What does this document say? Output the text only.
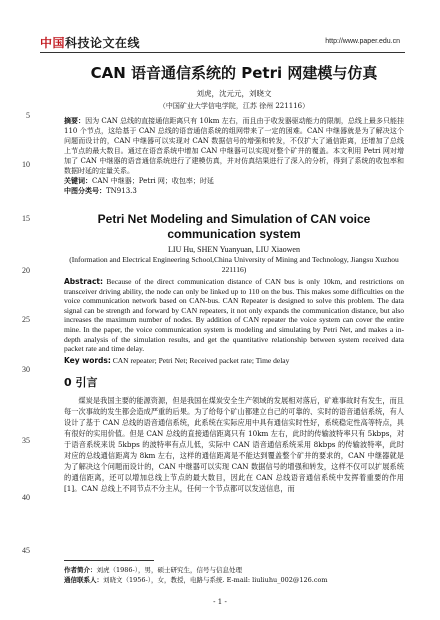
中国科技论文在线	http://www.paper.edu.cn
5
10
15
20
25
30
35
40
45
CAN 语音通信系统的 Petri 网建模与仿真
刘虎，沈元元，刘晓文
（中国矿业大学信电学院，江苏 徐州 221116）
摘要：因为 CAN 总线的直接通信距离只有 10km 左右，而且由于收发器驱动能力的限制，总线上最多只能挂 110 个节点，这给基于 CAN 总线的语音通信系统的组网带来了一定的困难。CAN 中继器就是为了解决这个问题而设计的，CAN 中继器可以实现对 CAN 数据信号的增强和转发，不仅扩大了通信距离，还增加了总线上节点的最大数目。通过在语音系统中增加 CAN 中继器可以实现对整个矿井的覆盖。本文利用 Petri 网对增加了 CAN 中继器的语音通信系统进行了建模仿真，并对仿真结果进行了深入的分析，得到了系统的收包率和数据时延的定量关系。
关键词：CAN 中继器；Petri 网；收包率；时延
中图分类号：TN913.3
Petri Net Modeling and Simulation of CAN voice communication system
LIU Hu, SHEN Yuanyuan, LIU Xiaowen
(Information and Electrical Engineering School,China University of Mining and Technology, Jiangsu Xuzhou 221116)
Abstract: Because of the direct communication distance of CAN bus is only 10km, and restrictions on transceiver driving ability, the node can only be linked up to 110 on the bus. This makes some difficulties on the voice communication network based on CAN-bus. CAN Repeater is designed to solve this problem. The data signal can be strength and forward by CAN repeaters, it not only expands the communication distance, but also increases the maximum number of nodes. By addition of CAN repeater the voice system can cover the entire mine. In the paper, the voice communication system is modeling and simulating by Petri Net, and makes a in-depth analysis of the simulation results, and get the quantitative relationship between system received data packet rate and time delay.
Key words: CAN repeater; Petri Net; Received packet rate; Time delay
0 引言
煤炭是我国主要的能源资源，但是我国在煤炭安全生产领域的发展相对落后，矿难事故时有发生，而且每一次事故的发生都会造成严重的后果。为了给每个矿山都建立自己的可靠的、实时的语音通信系统，有人设计了基于 CAN 总线的语音通信系统，此系统在实际应用中具有通信实时性好，系统稳定性高等特点，具有很好的实用价值。但是 CAN 总线的直接通信距离只有 10km 左右，此时的传输波特率只有 5kbps，对于语音系统来说 5kbps 的波特率有点儿低，实际中 CAN 语音通信系统采用 8kbps 的传输波特率，此时对应的总线通信距离为 8km 左右，这样的通信距离是不能达到覆盖整个矿井的要求的，CAN 中继器就是为了解决这个问题而设计的，CAN 中继器可以实现 CAN 数据信号的增强和转发，这样不仅可以扩展系统的通信距离，还可以增加总线上节点的最大数目，因此在 CAN 总线语音通信系统中发挥着重要的作用[1]。CAN 总线上不同节点不分主从，任何一个节点都可以发送信息，而
作者简介：刘虎（1986-），男，硕士研究生，信号与信息处理
通信联系人：刘晓文（1956-），女，教授，电路与系统. E-mail: liuliuhu_002@126.com
- 1 -
